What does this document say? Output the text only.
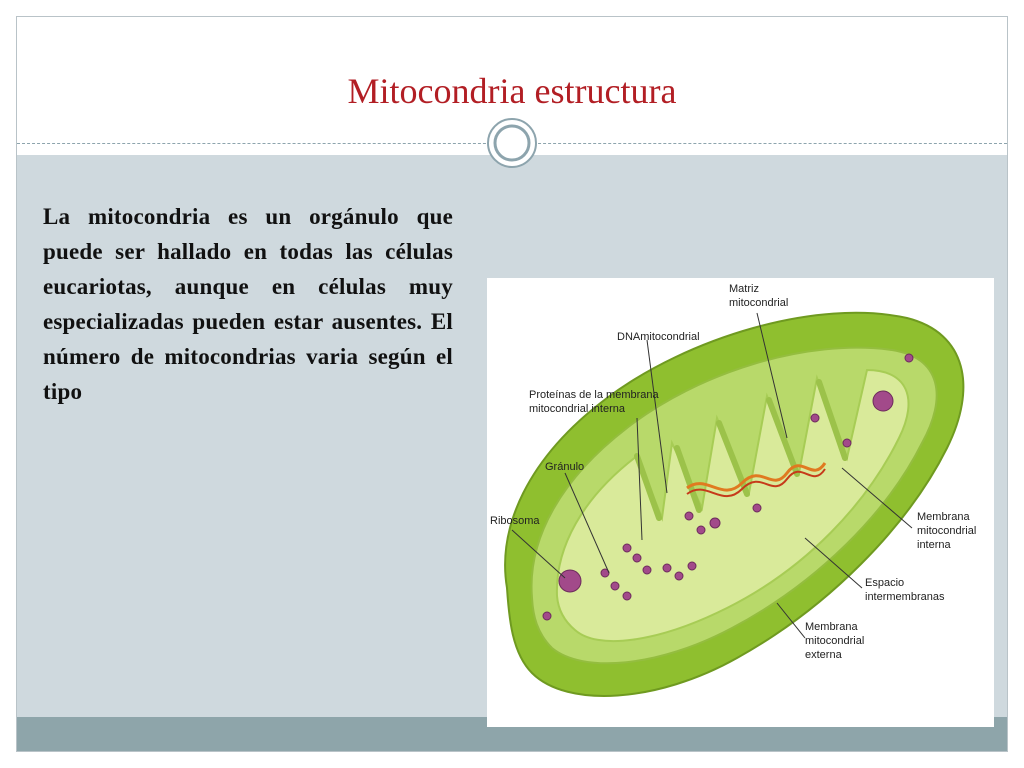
Mitocondria estructura
La mitocondria es un orgánulo que puede ser hallado en todas las células eucariotas, aunque en células muy especializadas pueden estar ausentes. El número de mitocondrias varia según el tipo
Matriz
mitocondrial
DNAmitocondrial
Proteínas de la membrana
mitocondrial interna
Gránulo
Ribosoma	Membrana
mitocondrial
interna
Espacio
intermembranas
Membrana
mitocondrial
externa
